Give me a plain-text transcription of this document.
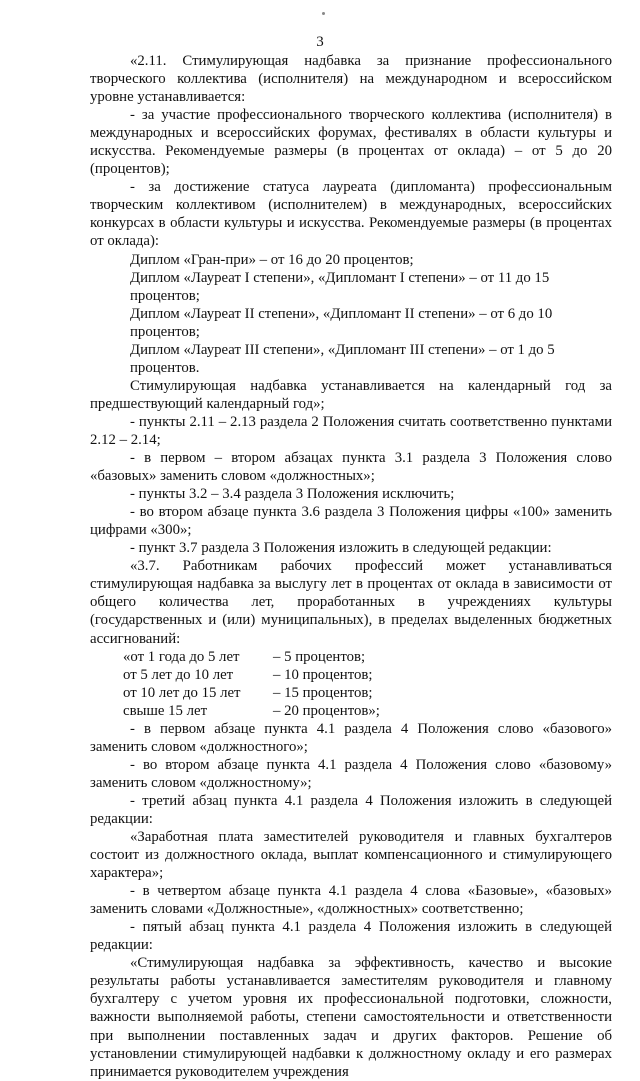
3

«2.11. Стимулирующая надбавка за признание профессионального творческого коллектива (исполнителя) на международном и всероссийском уровне устанавливается:

- за участие профессионального творческого коллектива (исполнителя) в международных и всероссийских форумах, фестивалях в области культуры и искусства. Рекомендуемые размеры (в процентах от оклада) – от 5 до 20 (процентов);

- за достижение статуса лауреата (дипломанта) профессиональным творческим коллективом (исполнителем) в международных, всероссийских конкурсах в области культуры и искусства. Рекомендуемые размеры (в процентах от оклада):

Диплом «Гран-при» – от 16 до 20 процентов;

Диплом «Лауреат I степени», «Дипломант I степени» – от 11 до 15 процентов;

Диплом «Лауреат II степени», «Дипломант II степени» – от 6 до 10 процентов;

Диплом «Лауреат III степени», «Дипломант III степени» – от 1 до 5 процентов.

Стимулирующая надбавка устанавливается на календарный год за предшествующий календарный год»;

- пункты 2.11 – 2.13 раздела 2 Положения считать соответственно пунктами 2.12 – 2.14;

- в первом – втором абзацах пункта 3.1 раздела 3 Положения слово «базовых» заменить словом «должностных»;

- пункты 3.2 – 3.4 раздела 3 Положения исключить;

- во втором абзаце пункта 3.6 раздела 3 Положения цифры «100» заменить цифрами «300»;

- пункт 3.7 раздела 3 Положения изложить в следующей редакции:

«3.7. Работникам рабочих профессий может устанавливаться стимулирующая надбавка за выслугу лет в процентах от оклада в зависимости от общего количества лет, проработанных в учреждениях культуры (государственных и (или) муниципальных), в пределах выделенных бюджетных ассигнований:

«от 1 года до 5 лет	– 5 процентов;
от 5 лет до 10 лет	– 10 процентов;
от 10 лет до 15 лет	– 15 процентов;
свыше 15 лет	– 20 процентов»;

- в первом абзаце пункта 4.1 раздела 4 Положения слово «базового» заменить словом «должностного»;

- во втором абзаце пункта 4.1 раздела 4 Положения слово «базовому» заменить словом «должностному»;

- третий абзац пункта 4.1 раздела 4 Положения изложить в следующей редакции:

«Заработная плата заместителей руководителя и главных бухгалтеров состоит из должностного оклада, выплат компенсационного и стимулирующего характера»;

- в четвертом абзаце пункта 4.1 раздела 4 слова «Базовые», «базовых» заменить словами «Должностные», «должностных» соответственно;

- пятый абзац пункта 4.1 раздела 4 Положения изложить в следующей редакции:

«Стимулирующая надбавка за эффективность, качество и высокие результаты работы устанавливается заместителям руководителя и главному бухгалтеру с учетом уровня их профессиональной подготовки, сложности, важности выполняемой работы, степени самостоятельности и ответственности при выполнении поставленных задач и других факторов. Решение об установлении стимулирующей надбавки к должностному окладу и его размерах принимается руководителем учреждения
